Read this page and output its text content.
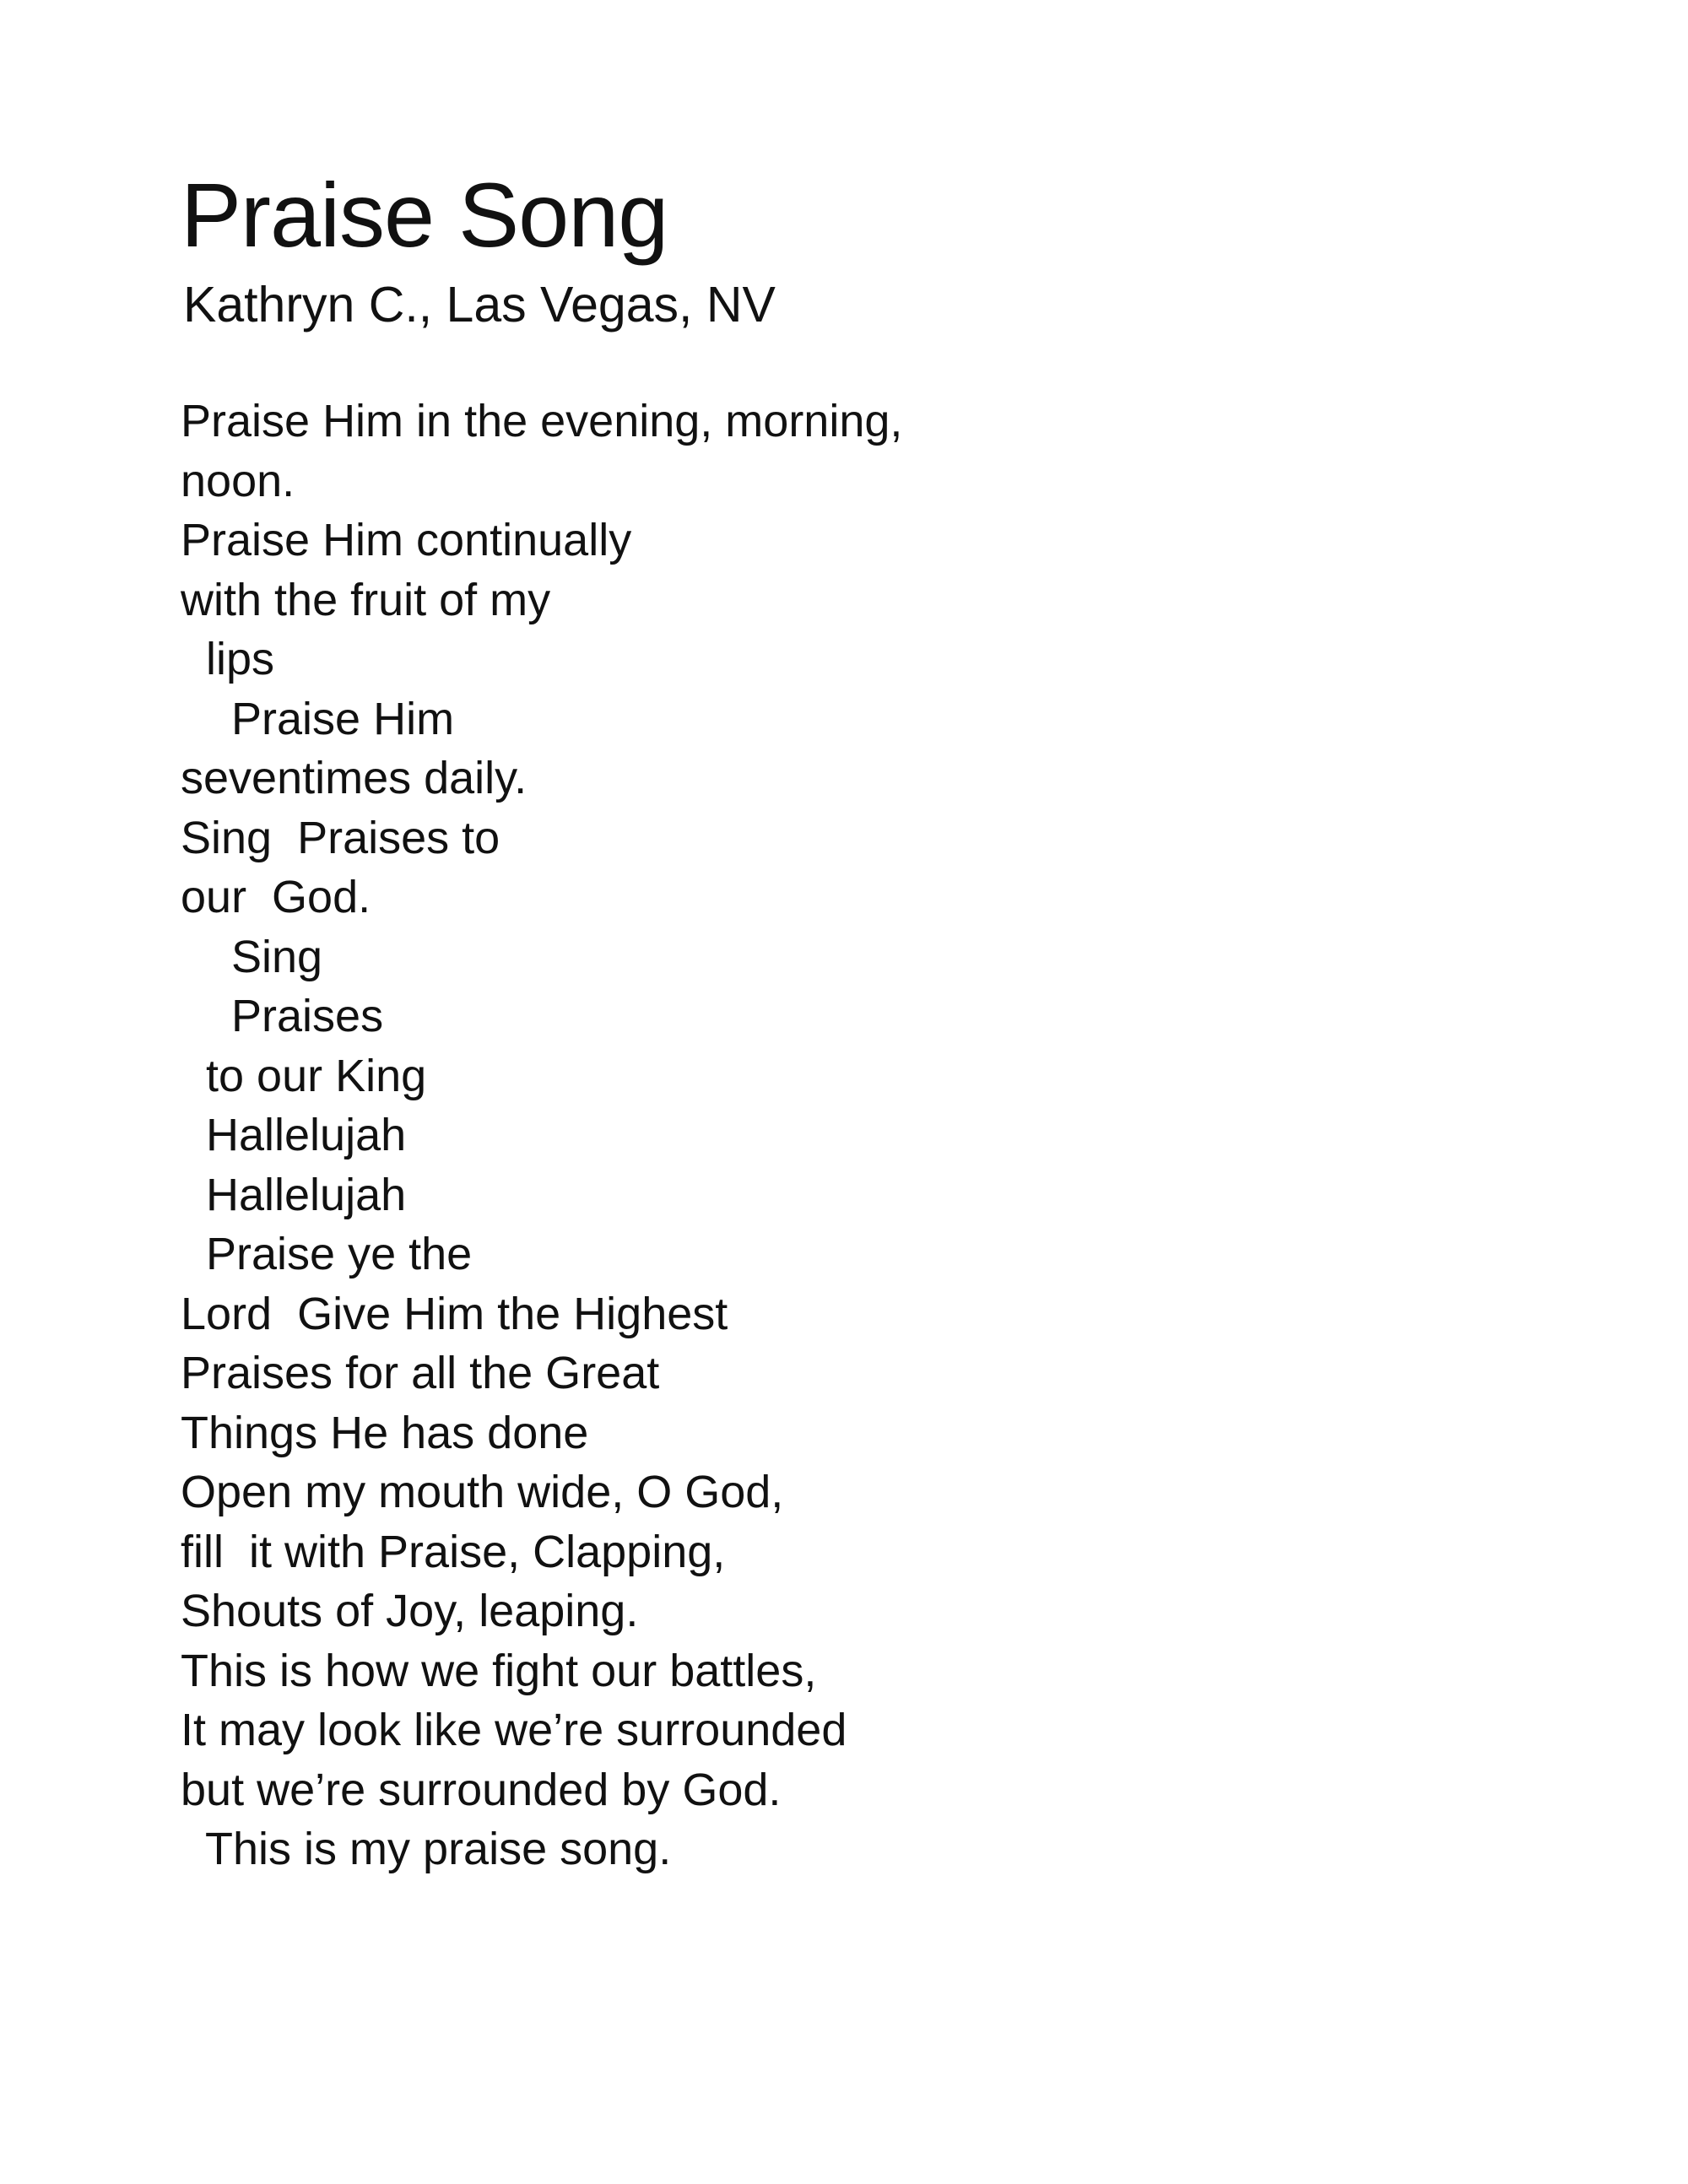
Praise Song

Kathryn C., Las Vegas, NV

Praise Him in the evening, morning,
noon.
Praise Him continually
with the fruit of my
lips
Praise Him
seventimes daily.
Sing  Praises to
our  God.
Sing
Praises
to our King
Hallelujah
Hallelujah
Praise ye the
Lord  Give Him the Highest
Praises for all the Great
Things He has done
Open my mouth wide, O God,
fill  it with Praise, Clapping,
Shouts of Joy, leaping.
This is how we fight our battles,
It may look like we’re surrounded
but we’re surrounded by God.
This is my praise song.
